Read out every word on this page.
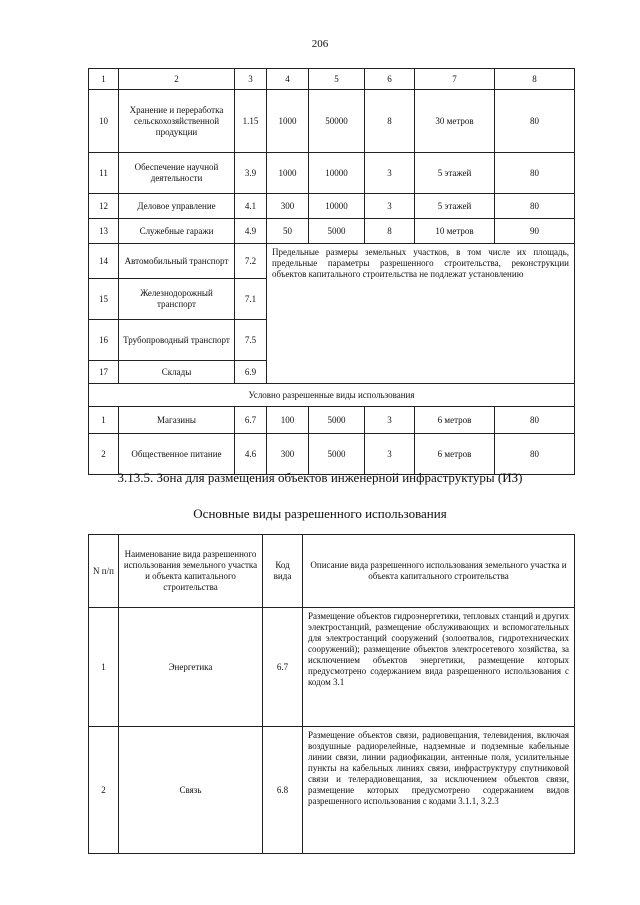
206
1	2	3	4	5	6	7	8
10	Хранение и переработка сельскохозяйственной продукции	1.15	1000	50000	8	30 метров	80
11	Обеспечение научной деятельности	3.9	1000	10000	3	5 этажей	80
12	Деловое управление	4.1	300	10000	3	5 этажей	80
13	Служебные гаражи	4.9	50	5000	8	10 метров	90
14	Автомобильный транспорт	7.2	Предельные размеры земельных участков, в том числе их площадь, предельные параметры разрешенного строительства, реконструкции объектов капитального строительства не подлежат установлению				
15	Железнодорожный транспорт	7.1					
16	Трубопроводный транспорт	7.5					
17	Склады	6.9					
Условно разрешенные виды использования							
1	Магазины	6.7	100	5000	3	6 метров	80
2	Общественное питание	4.6	300	5000	3	6 метров	80
3.13.5. Зона для размещения объектов инженерной инфраструктуры (ИЗ)
Основные виды разрешенного использования
N п/п	Наименование вида разрешенного использования земельного участка и объекта капитального строительства	Код вида	Описание вида разрешенного использования земельного участка и объекта капитального строительства
1	Энергетика	6.7	Размещение объектов гидроэнергетики, тепловых станций и других электростанций, размещение обслуживающих и вспомогательных для электростанций сооружений (золоотвалов, гидротехнических сооружений); размещение объектов электросетевого хозяйства, за исключением объектов энергетики, размещение которых предусмотрено содержанием вида разрешенного использования с кодом 3.1
2	Связь	6.8	Размещение объектов связи, радиовещания, телевидения, включая воздушные радиорелейные, надземные и подземные кабельные линии связи, линии радиофикации, антенные поля, усилительные пункты на кабельных линиях связи, инфраструктуру спутниковой связи и телерадиовещания, за исключением объектов связи, размещение которых предусмотрено содержанием видов разрешенного использования с кодами 3.1.1, 3.2.3
